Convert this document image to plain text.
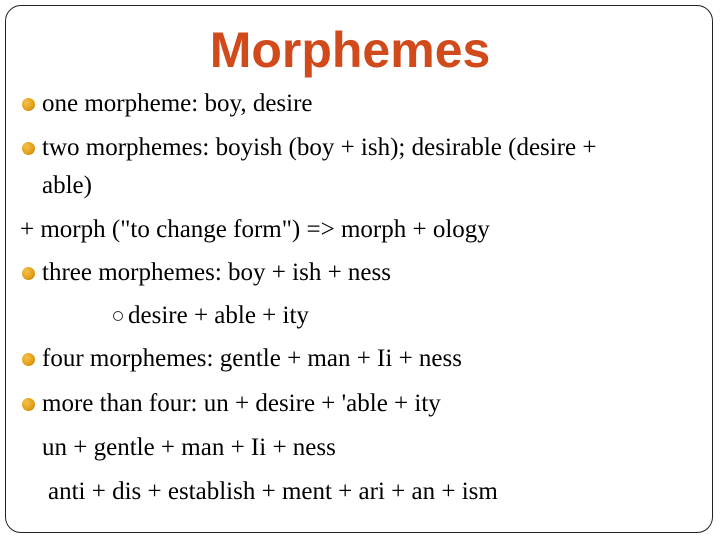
Morphemes
one morpheme: boy, desire
two morphemes: boyish (boy + ish); desirable (desire +
able)
+ morph ("to change form") => morph + ology
three morphemes: boy + ish + ness
desire + able + ity
four morphemes: gentle + man + Ii + ness
more than four: un + desire + 'able + ity
un + gentle + man + Ii + ness
anti + dis + establish + ment + ari + an + ism
